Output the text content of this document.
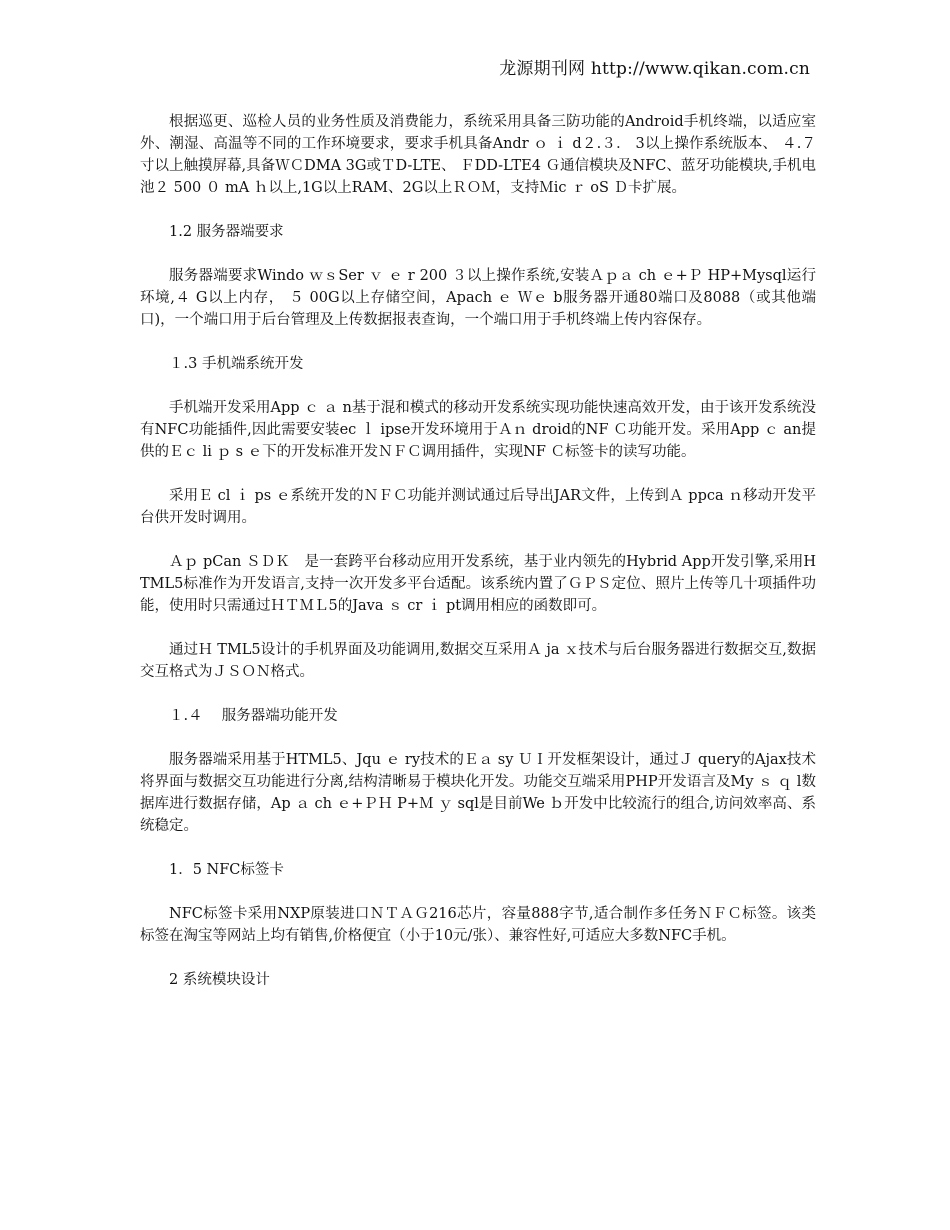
龙源期刊网 http://www.qikan.com.cn

根据巡更、巡检人员的业务性质及消费能力，系统采用具备三防功能的Android手机终端，以适应室外、潮湿、高温等不同的工作环境要求，要求手机具备Andr ｏ ｉ d２.３． 3以上操作系统版本、 ４.７寸以上触摸屏幕,具备ＷＣDMA 3G或ＴD-LTE、 ＦDD-LTE4 Ｇ通信模块及NFC、蓝牙功能模块,手机电池２ 500 ０ mA ｈ以上,1G以上RAM、2G以上ＲＯＭ，支持Ｍic ｒ oS Ｄ卡扩展。

1.2 服务器端要求

服务器端要求Windo ｗｓSer ｖ ｅ r 200 ３以上操作系统,安装Ａｐａ ch ｅ+Ｐ HP+Mysql运行环境,４ G以上内存， ５ 00G以上存储空间，Apach ｅ Ｗｅ b服务器开通80端口及8088（或其他端口)，一个端口用于后台管理及上传数据报表查询，一个端口用于手机终端上传内容保存。

１.3 手机端系统开发

手机端开发采用App ｃ ａ n基于混和模式的移动开发系统实现功能快速高效开发，由于该开发系统没有NFC功能插件,因此需要安装ec ｌ ipse开发环境用于Ａｎ droid的NF Ｃ功能开发。采用App ｃ an提供的Ｅｃ li ｐ s ｅ下的开发标准开发ＮＦＣ调用插件，实现NF Ｃ标签卡的读写功能。

采用Ｅ cl ｉ ps ｅ系统开发的ＮＦＣ功能并测试通过后导出JAR文件，上传到Ａ ppca ｎ移动开发平台供开发时调用。

Ａｐ pCan ＳＤＫ　是一套跨平台移动应用开发系统，基于业内领先的Hybrid App开发引擎,采用HTML5标准作为开发语言,支持一次开发多平台适配。该系统内置了ＧＰＳ定位、照片上传等几十项插件功能，使用时只需通过ＨＴＭＬ5的Java ｓ cr ｉ pt调用相应的函数即可。

通过Ｈ TML5设计的手机界面及功能调用,数据交互采用Ａ ja ｘ技术与后台服务器进行数据交互,数据交互格式为ＪＳＯＮ格式。

１.４　 服务器端功能开发

服务器端采用基于HTML5、Jqu ｅ ry技术的Ｅａ sy ＵＩ开发框架设计，通过Ｊ query的Ajax技术将界面与数据交互功能进行分离,结构清晰易于模块化开发。功能交互端采用PHP开发语言及My ｓ ｑ l数据库进行数据存储，Ap ａ ch ｅ+ＰＨ P+Ｍ ｙ sql是目前We ｂ开发中比较流行的组合,访问效率高、系统稳定。

1．5 NFC标签卡

NFC标签卡采用NXP原装进口ＮＴＡＧ216芯片，容量888字节,适合制作多任务ＮＦＣ标签。该类标签在淘宝等网站上均有销售,价格便宜（小于10元/张）、兼容性好,可适应大多数NFC手机。

2 系统模块设计
